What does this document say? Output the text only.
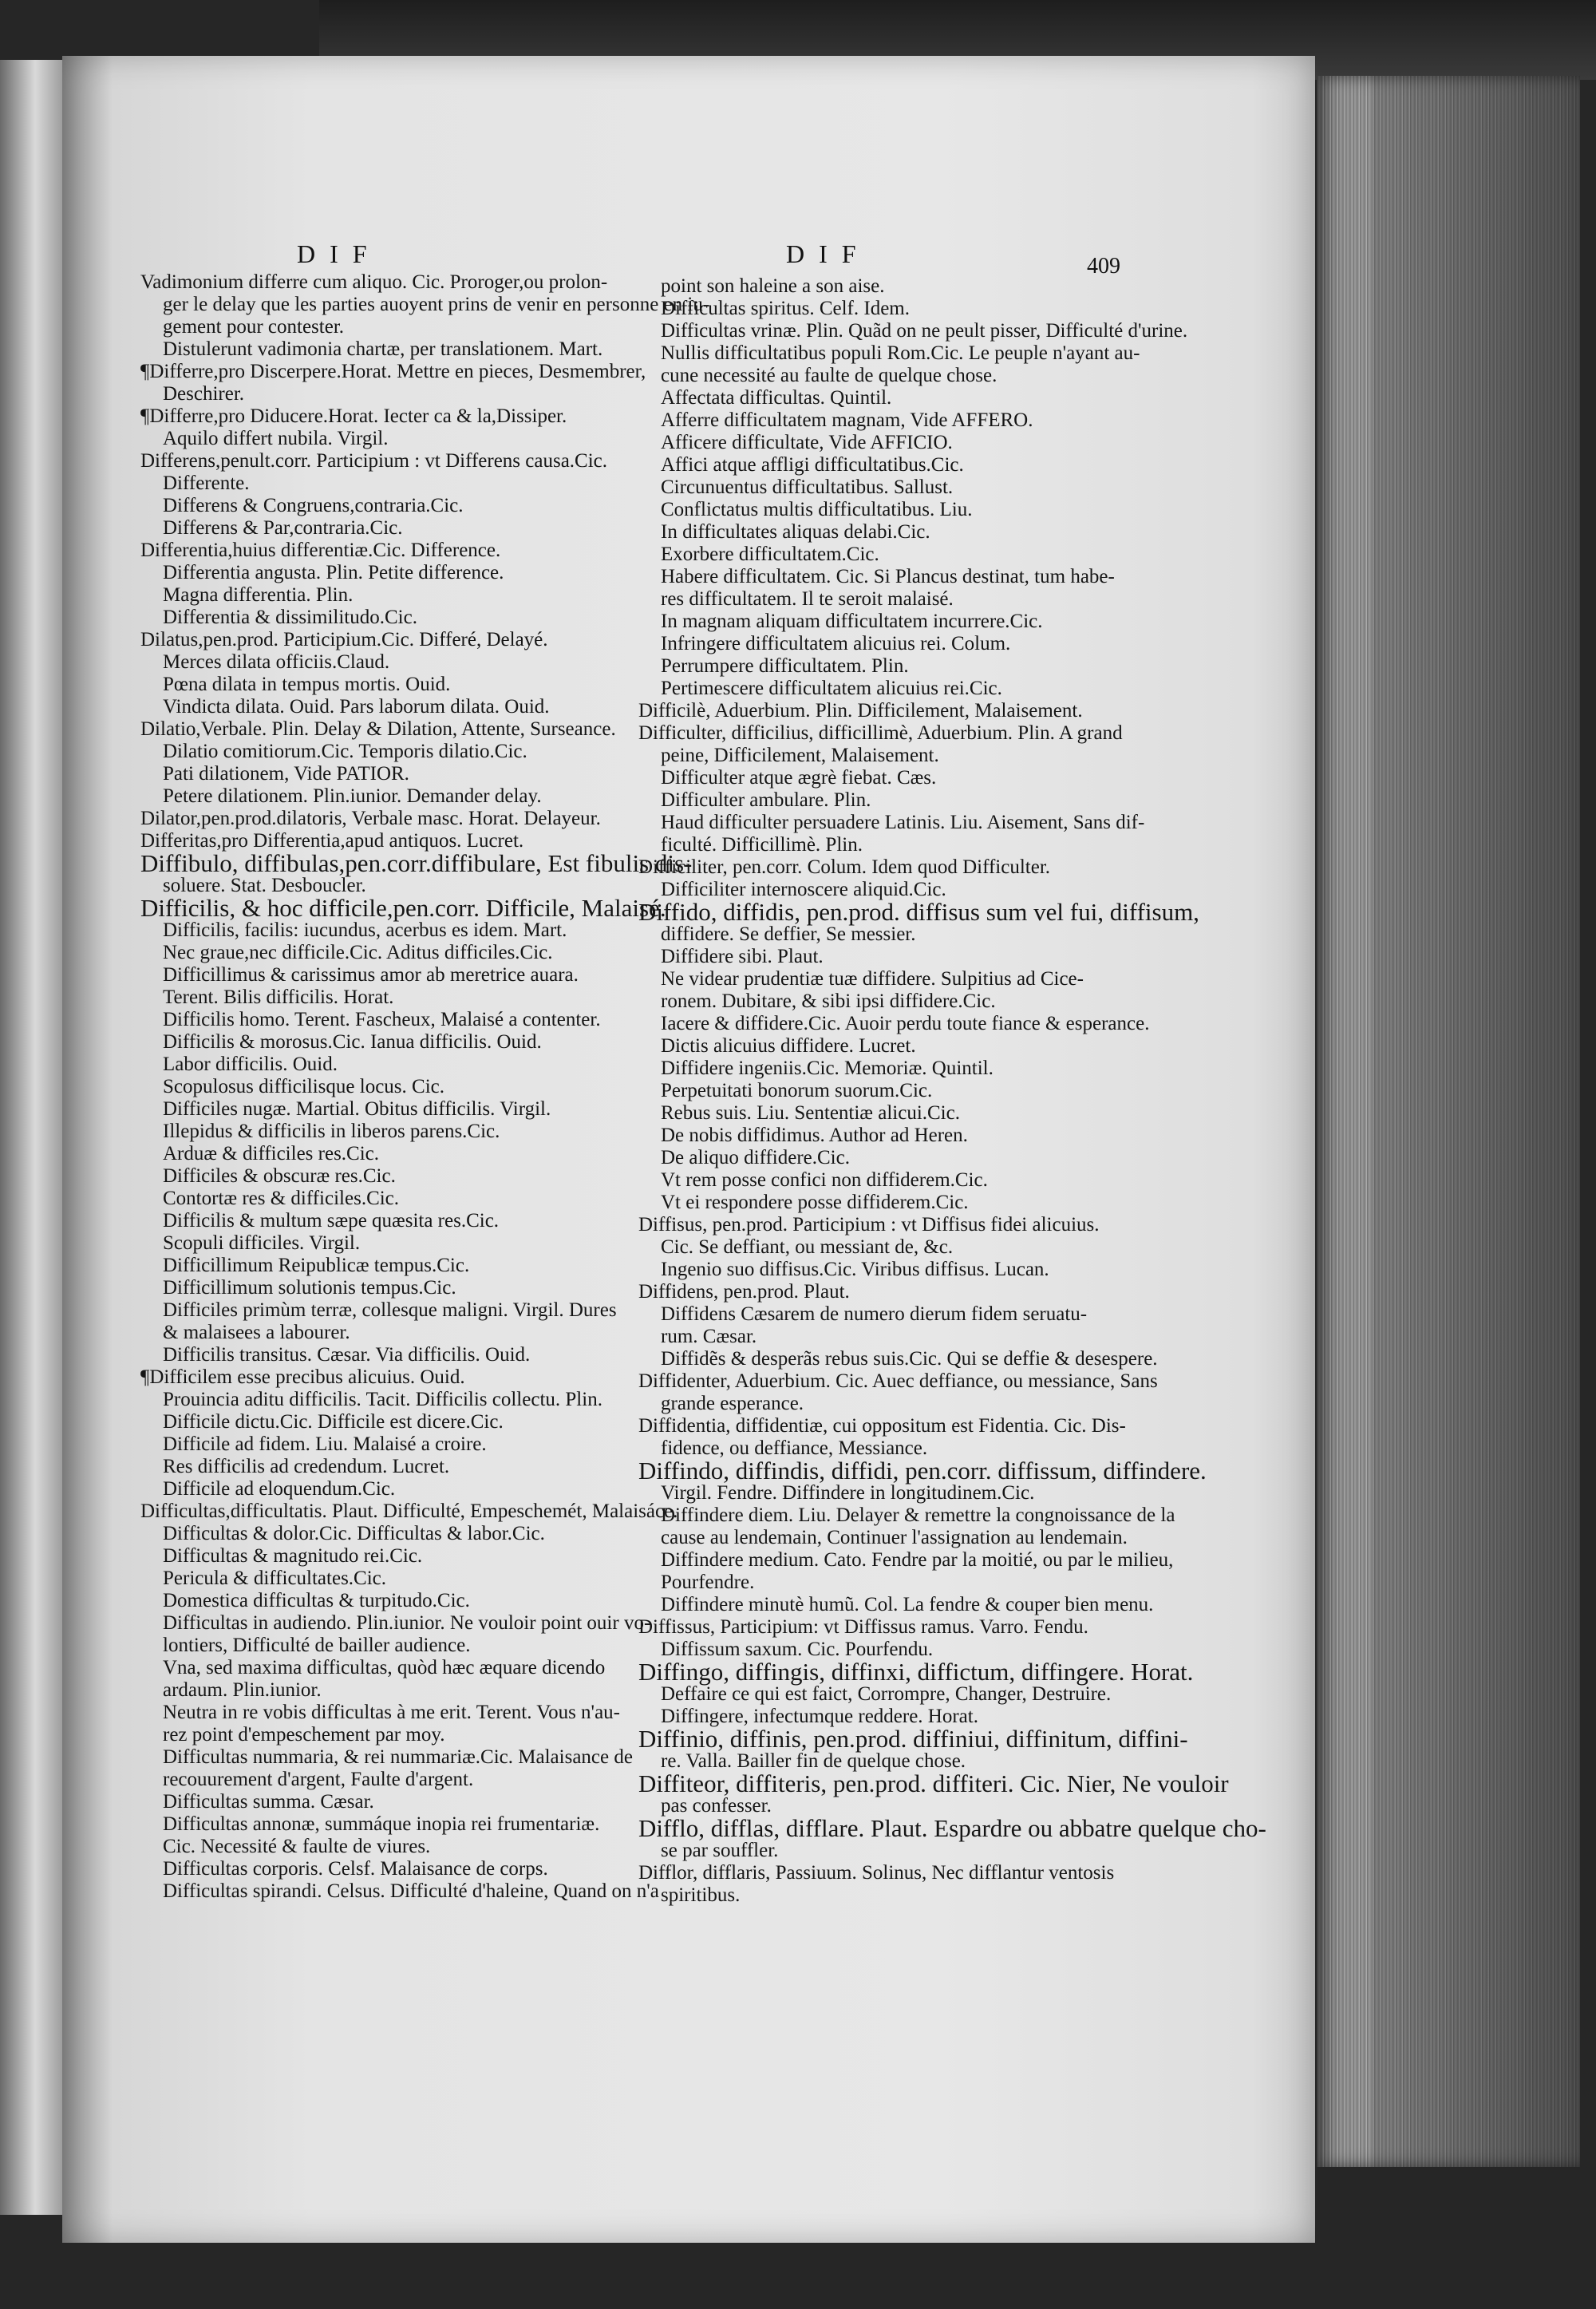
DIF	DIF	409
Vadimonium differre cum aliquo. Cic. Proroger,ou prolon-
ger le delay que les parties auoyent prins de venir en personne en iu-
gement pour contester.
Distulerunt vadimonia chartæ, per translationem. Mart.
¶Differre,pro Discerpere.Horat. Mettre en pieces, Desmembrer,
Deschirer.
¶Differre,pro Diducere.Horat. Iecter ca & la,Dissiper.
Aquilo differt nubila. Virgil.
Differens,penult.corr. Participium : vt Differens causa.Cic.
Differente.
Differens & Congruens,contraria.Cic.
Differens & Par,contraria.Cic.
Differentia,huius differentiæ.Cic. Difference.
Differentia angusta. Plin. Petite difference.
Magna differentia. Plin.
Differentia & dissimilitudo.Cic.
Dilatus,pen.prod. Participium.Cic. Differé, Delayé.
Merces dilata officiis.Claud.
Pœna dilata in tempus mortis. Ouid.
Vindicta dilata. Ouid. Pars laborum dilata. Ouid.
Dilatio,Verbale. Plin. Delay & Dilation, Attente, Surseance.
Dilatio comitiorum.Cic. Temporis dilatio.Cic.
Pati dilationem, Vide PATIOR.
Petere dilationem. Plin.iunior. Demander delay.
Dilator,pen.prod.dilatoris, Verbale masc. Horat. Delayeur.
Differitas,pro Differentia,apud antiquos. Lucret.
Diffibulo, diffibulas,pen.corr.diffibulare, Est fibulis dis-
soluere. Stat. Desboucler.
Difficilis, & hoc difficile,pen.corr. Difficile, Malaisé.
Difficilis, facilis: iucundus, acerbus es idem. Mart.
Nec graue,nec difficile.Cic. Aditus difficiles.Cic.
Difficillimus & carissimus amor ab meretrice auara.
Terent. Bilis difficilis. Horat.
Difficilis homo. Terent. Fascheux, Malaisé a contenter.
Difficilis & morosus.Cic. Ianua difficilis. Ouid.
Labor difficilis. Ouid.
Scopulosus difficilisque locus. Cic.
Difficiles nugæ. Martial. Obitus difficilis. Virgil.
Illepidus & difficilis in liberos parens.Cic.
Arduæ & difficiles res.Cic.
Difficiles & obscuræ res.Cic.
Contortæ res & difficiles.Cic.
Difficilis & multum sæpe quæsita res.Cic.
Scopuli difficiles. Virgil.
Difficillimum Reipublicæ tempus.Cic.
Difficillimum solutionis tempus.Cic.
Difficiles primùm terræ, collesque maligni. Virgil. Dures
& malaisees a labourer.
Difficilis transitus. Cæsar. Via difficilis. Ouid.
¶Difficilem esse precibus alicuius. Ouid.
Prouincia aditu difficilis. Tacit. Difficilis collectu. Plin.
Difficile dictu.Cic. Difficile est dicere.Cic.
Difficile ad fidem. Liu. Malaisé a croire.
Res difficilis ad credendum. Lucret.
Difficile ad eloquendum.Cic.
Difficultas,difficultatis. Plaut. Difficulté, Empeschemét, Malaisáce.
Difficultas & dolor.Cic. Difficultas & labor.Cic.
Difficultas & magnitudo rei.Cic.
Pericula & difficultates.Cic.
Domestica difficultas & turpitudo.Cic.
Difficultas in audiendo. Plin.iunior. Ne vouloir point ouir vo-
lontiers, Difficulté de bailler audience.
Vna, sed maxima difficultas, quòd hæc æquare dicendo
ardaum. Plin.iunior.
Neutra in re vobis difficultas à me erit. Terent. Vous n'au-
rez point d'empeschement par moy.
Difficultas nummaria, & rei nummariæ.Cic. Malaisance de
recouurement d'argent, Faulte d'argent.
Difficultas summa. Cæsar.
Difficultas annonæ, summáque inopia rei frumentariæ.
Cic. Necessité & faulte de viures.
Difficultas corporis. Celsf. Malaisance de corps.
Difficultas spirandi. Celsus. Difficulté d'haleine, Quand on n'a
point son haleine a son aise.
Difficultas spiritus. Celf. Idem.
Difficultas vrinæ. Plin. Quãd on ne peult pisser, Difficulté d'urine.
Nullis difficultatibus populi Rom.Cic. Le peuple n'ayant au-
cune necessité au faulte de quelque chose.
Affectata difficultas. Quintil.
Afferre difficultatem magnam, Vide AFFERO.
Afficere difficultate, Vide AFFICIO.
Affici atque affligi difficultatibus.Cic.
Circunuentus difficultatibus. Sallust.
Conflictatus multis difficultatibus. Liu.
In difficultates aliquas delabi.Cic.
Exorbere difficultatem.Cic.
Habere difficultatem. Cic. Si Plancus destinat, tum habe-
res difficultatem. Il te seroit malaisé.
In magnam aliquam difficultatem incurrere.Cic.
Infringere difficultatem alicuius rei. Colum.
Perrumpere difficultatem. Plin.
Pertimescere difficultatem alicuius rei.Cic.
Difficilè, Aduerbium. Plin. Difficilement, Malaisement.
Difficulter, difficilius, difficillimè, Aduerbium. Plin. A grand
peine, Difficilement, Malaisement.
Difficulter atque ægrè fiebat. Cæs.
Difficulter ambulare. Plin.
Haud difficulter persuadere Latinis. Liu. Aisement, Sans dif-
ficulté. Difficillimè. Plin.
Difficiliter, pen.corr. Colum. Idem quod Difficulter.
Difficiliter internoscere aliquid.Cic.
Diffido, diffidis, pen.prod. diffisus sum vel fui, diffisum,
diffidere. Se deffier, Se messier.
Diffidere sibi. Plaut.
Ne videar prudentiæ tuæ diffidere. Sulpitius ad Cice-
ronem. Dubitare, & sibi ipsi diffidere.Cic.
Iacere & diffidere.Cic. Auoir perdu toute fiance & esperance.
Dictis alicuius diffidere. Lucret.
Diffidere ingeniis.Cic. Memoriæ. Quintil.
Perpetuitati bonorum suorum.Cic.
Rebus suis. Liu. Sententiæ alicui.Cic.
De nobis diffidimus. Author ad Heren.
De aliquo diffidere.Cic.
Vt rem posse confici non diffiderem.Cic.
Vt ei respondere posse diffiderem.Cic.
Diffisus, pen.prod. Participium : vt Diffisus fidei alicuius.
Cic. Se deffiant, ou messiant de, &c.
Ingenio suo diffisus.Cic. Viribus diffisus. Lucan.
Diffidens, pen.prod. Plaut.
Diffidens Cæsarem de numero dierum fidem seruatu-
rum. Cæsar.
Diffidẽs & desperãs rebus suis.Cic. Qui se deffie & desespere.
Diffidenter, Aduerbium. Cic. Auec deffiance, ou messiance, Sans
grande esperance.
Diffidentia, diffidentiæ, cui oppositum est Fidentia. Cic. Dis-
fidence, ou deffiance, Messiance.
Diffindo, diffindis, diffidi, pen.corr. diffissum, diffindere.
Virgil. Fendre. Diffindere in longitudinem.Cic.
Diffindere diem. Liu. Delayer & remettre la congnoissance de la
cause au lendemain, Continuer l'assignation au lendemain.
Diffindere medium. Cato. Fendre par la moitié, ou par le milieu,
Pourfendre.
Diffindere minutè humũ. Col. La fendre & couper bien menu.
Diffissus, Participium: vt Diffissus ramus. Varro. Fendu.
Diffissum saxum. Cic. Pourfendu.
Diffingo, diffingis, diffinxi, diffictum, diffingere. Horat.
Deffaire ce qui est faict, Corrompre, Changer, Destruire.
Diffingere, infectumque reddere. Horat.
Diffinio, diffinis, pen.prod. diffiniui, diffinitum, diffini-
re. Valla. Bailler fin de quelque chose.
Diffiteor, diffiteris, pen.prod. diffiteri. Cic. Nier, Ne vouloir
pas confesser.
Difflo, difflas, difflare. Plaut. Espardre ou abbatre quelque cho-
se par souffler.
Difflor, difflaris, Passiuum. Solinus, Nec difflantur ventosis
spiritibus.
